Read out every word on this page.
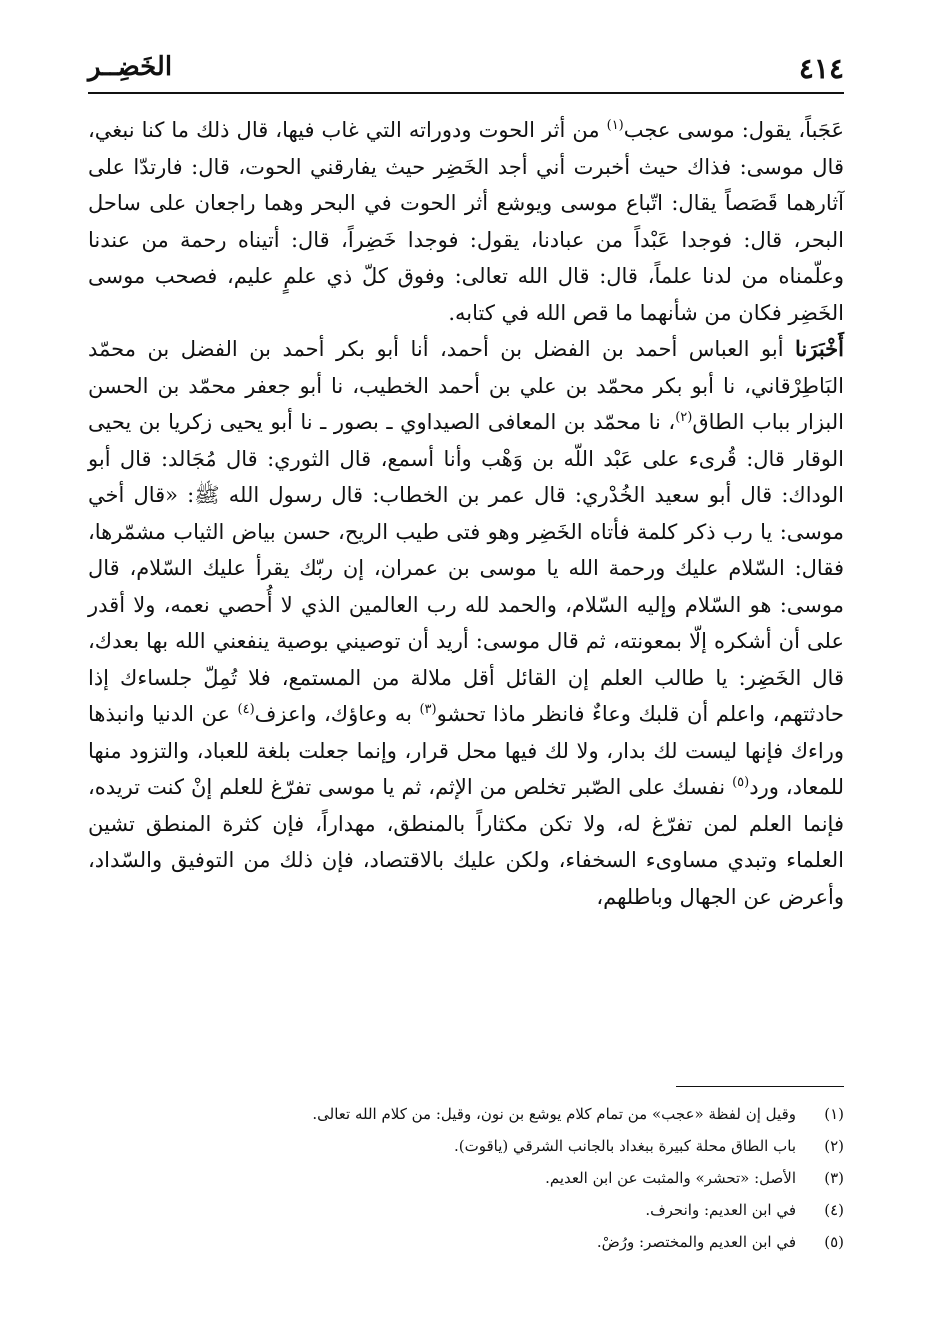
٤١٤
الخَضِــر

عَجَباً، يقول: موسى عجب$^{(١)}$ من أثر الحوت ودوراته التي غاب فيها، قال ذلك ما كنا نبغي، قال موسى: فذاك حيث أخبرت أني أجد الخَضِر حيث يفارقني الحوت، قال: فارتدّا على آثارهما قَصَصاً يقال: اتّباع موسى ويوشع أثر الحوت في البحر وهما راجعان على ساحل البحر، قال: فوجدا عَبْداً من عبادنا، يقول: فوجدا خَضِراً، قال: أتيناه رحمة من عندنا وعلّمناه من لدنا علماً، قال: قال الله تعالى: وفوق كلّ ذي علمٍ عليم، فصحب موسى الخَضِر فكان من شأنهما ما قص الله في كتابه.

أَخْبَرَنا أبو العباس أحمد بن الفضل بن أحمد، أنا أبو بكر أحمد بن الفضل بن محمّد البَاطِرْقاني، نا أبو بكر محمّد بن علي بن أحمد الخطيب، نا أبو جعفر محمّد بن الحسن البزار بباب الطاق$^{(٢)}$، نا محمّد بن المعافى الصيداوي ـ بصور ـ نا أبو يحيى زكريا بن يحيى الوقار قال: قُرىء على عَبْد اللّه بن وَهْب وأنا أسمع، قال الثوري: قال مُجَالد: قال أبو الوداك: قال أبو سعيد الخُدْري: قال عمر بن الخطاب: قال رسول الله ﷺ: «قال أخي موسى: يا رب ذكر كلمة فأتاه الخَضِر وهو فتى طيب الريح، حسن بياض الثياب مشمّرها، فقال: السّلام عليك ورحمة الله يا موسى بن عمران، إن ربّك يقرأ عليك السّلام، قال موسى: هو السّلام وإليه السّلام، والحمد لله رب العالمين الذي لا أُحصي نعمه، ولا أقدر على أن أشكره إلّا بمعونته، ثم قال موسى: أريد أن توصيني بوصية ينفعني الله بها بعدك، قال الخَضِر: يا طالب العلم إن القائل أقل ملالة من المستمع، فلا تُمِلّ جلساءك إذا حادثتهم، واعلم أن قلبك وعاءٌ فانظر ماذا تحشو$^{(٣)}$ به وعاؤك، واعزف$^{(٤)}$ عن الدنيا وانبذها وراءك فإنها ليست لك بدار، ولا لك فيها محل قرار، وإنما جعلت بلغة للعباد، والتزود منها للمعاد، ورد$^{(٥)}$ نفسك على الصّبر تخلص من الإثم، ثم يا موسى تفرّغ للعلم إنْ كنت تريده، فإنما العلم لمن تفرّغ له، ولا تكن مكثاراً بالمنطق، مهداراً، فإن كثرة المنطق تشين العلماء وتبدي مساوىء السخفاء، ولكن عليك بالاقتصاد، فإن ذلك من التوفيق والسّداد، وأعرض عن الجهال وباطلهم،

(١)
وقيل إن لفظة «عجب» من تمام كلام يوشع بن نون، وقيل: من كلام الله تعالى.
(٢)
باب الطاق محلة كبيرة ببغداد بالجانب الشرقي (ياقوت).
(٣)
الأصل: «تحشر» والمثبت عن ابن العديم.
(٤)
في ابن العديم: وانحرف.
(٥)
في ابن العديم والمختصر: ورُضْ.
